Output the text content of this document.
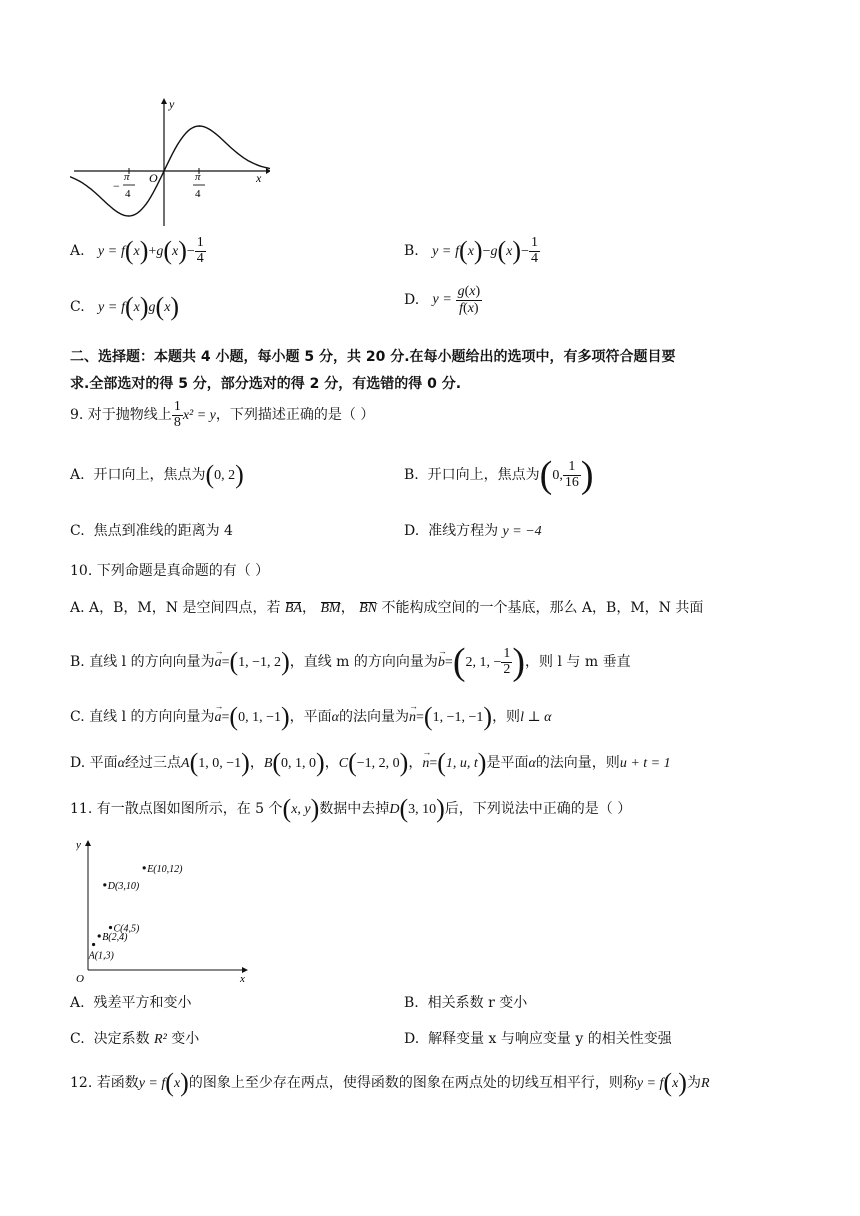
y
x
O
−
π
4
π
4
A. $y = f(x)+g(x)- \frac{1}{4}$	B. $y = f(x)-g(x)- \frac{1}{4}$
C. y = f(x)g(x)	D. $y = \frac{g(x)}{f(x)}$
二、选择题：本题共 4 小题，每小题 5 分，共 20 分.在每小题给出的选项中，有多项符合题目要
求.全部选对的得 5 分，部分选对的得 2 分，有选错的得 0 分.
9. 对于抛物线上 $\frac{1}{8} x^2 = y$，下列描述正确的是（ ）
A. 开口向上，焦点为(0, 2)	B. 开口向上，焦点为(0, $\frac{1}{16}$ )
C. 焦点到准线的距离为 4	D. 准线方程为 y = −4
10. 下列命题是真命题的有（ ）
A. A，B，M，N 是空间四点，若 BA， BM， BN 不能构成空间的一个基底，那么 A，B，M，N 共面
B. 直线 l 的方向向量为a →=(1, −1, 2)，直线 m 的方向向量为b →=(2, 1, − $\frac{1}{2}$ )，则 l 与 m 垂直
C. 直线 l 的方向向量为a →=(0, 1, −1)，平面α的法向量为n →=(1, −1, −1)，则l ⊥ α
D. 平面α经过三点A(1, 0, −1)，B(0, 1, 0)，C(−1, 2, 0)，n →=(1, u, t)是平面α的法向量，则u + t = 1
11. 有一散点图如图所示，在 5 个(x, y)数据中去掉D(3, 10)后，下列说法中正确的是（ ）
y
x
O
A(1,3)
B(2,4)
C(4,5)
D(3,10)
E(10,12)
A. 残差平方和变小	B. 相关系数 r 变小
C. 决定系数 R² 变小	D. 解释变量 x 与响应变量 y 的相关性变强
12. 若函数y = f(x)的图象上至少存在两点，使得函数的图象在两点处的切线互相平行，则称y = f(x)为R
